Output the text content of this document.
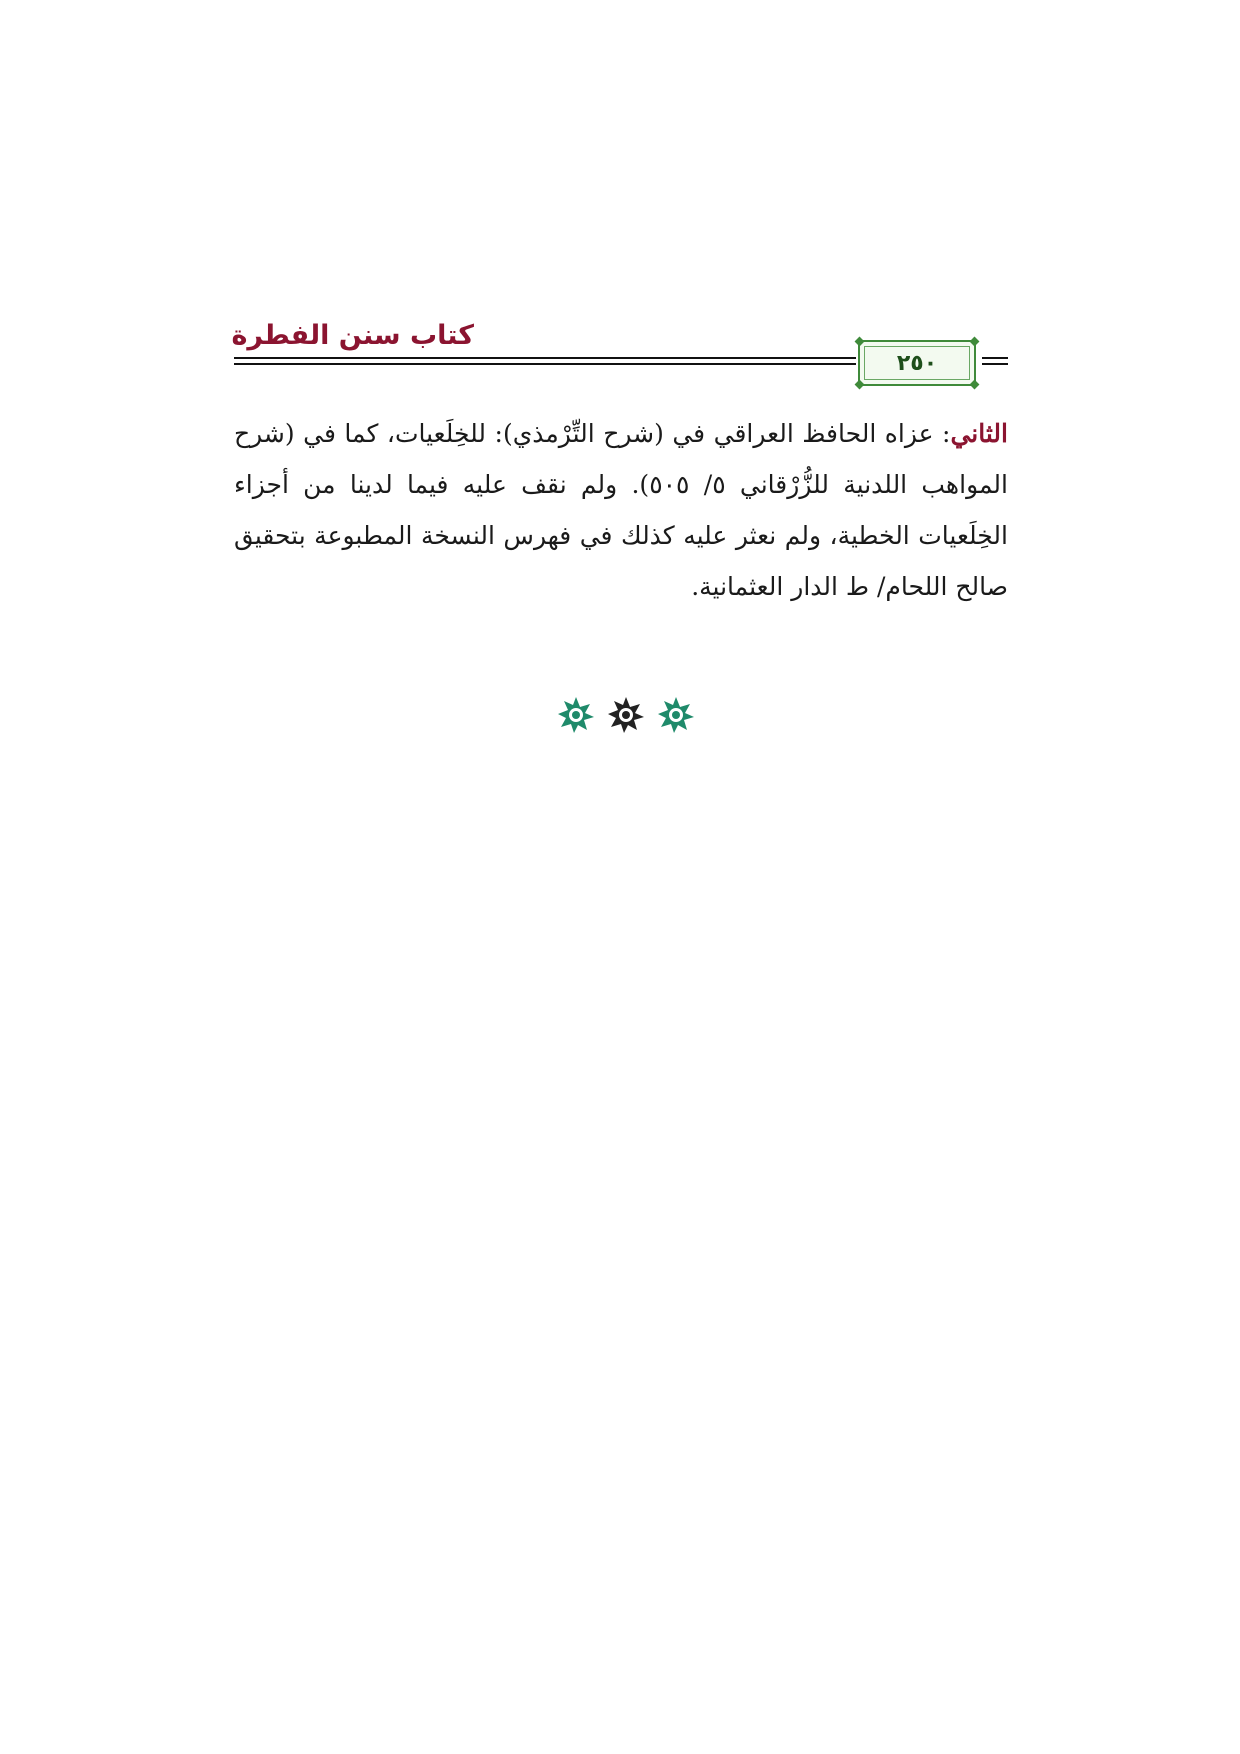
كتاب سنن الفطرة
٢٥٠
الثاني: عزاه الحافظ العراقي في (شرح التِّرْمذي): للخِلَعيات، كما في (شرح المواهب اللدنية للزُّرْقاني ٥/ ٥٠٥). ولم نقف عليه فيما لدينا من أجزاء الخِلَعيات الخطية، ولم نعثر عليه كذلك في فهرس النسخة المطبوعة بتحقيق صالح اللحام/ ط الدار العثمانية.
